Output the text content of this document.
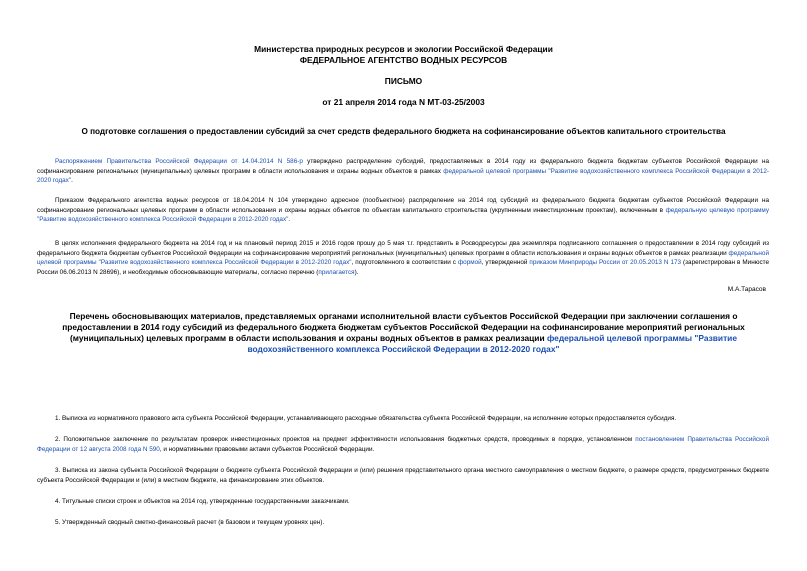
Министерства природных ресурсов и экологии Российской Федерации
ФЕДЕРАЛЬНОЕ АГЕНТСТВО ВОДНЫХ РЕСУРСОВ
ПИСЬМО
от 21 апреля 2014 года N МТ-03-25/2003
О подготовке соглашения о предоставлении субсидий за счет средств федерального бюджета на софинансирование объектов капитального строительства
Распоряжением Правительства Российской Федерации от 14.04.2014 N 586-р утверждено распределение субсидий, предоставляемых в 2014 году из федерального бюджета бюджетам субъектов Российской Федерации на софинансирование региональных (муниципальных) целевых программ в области использования и охраны водных объектов в рамках федеральной целевой программы "Развитие водохозяйственного комплекса Российской Федерации в 2012-2020 годах".
Приказом Федерального агентства водных ресурсов от 18.04.2014 N 104 утверждено адресное (пообъектное) распределение на 2014 год субсидий из федерального бюджета бюджетам субъектов Российской Федерации на софинансирование региональных целевых программ в области использования и охраны водных объектов по объектам капитального строительства (укрупненным инвестиционным проектам), включенным в федеральную целевую программу "Развитие водохозяйственного комплекса Российской Федерации в 2012-2020 годах".
В целях исполнения федерального бюджета на 2014 год и на плановый период 2015 и 2016 годов прошу до 5 мая т.г. представить в Росводресурсы два экземпляра подписанного соглашения о предоставлении в 2014 году субсидий из федерального бюджета бюджетам субъектов Российской Федерации на софинансирование мероприятий региональных (муниципальных) целевых программ в области использования и охраны водных объектов в рамках реализации федеральной целевой программы "Развитие водохозяйственного комплекса Российской Федерации в 2012-2020 годах", подготовленного в соответствии с формой, утвержденной приказом Минприроды России от 20.05.2013 N 173 (зарегистрирован в Минюсте России 06.06.2013 N 28696), и необходимые обосновывающие материалы, согласно перечню (прилагается).
М.А.Тарасов
Перечень обосновывающих материалов, представляемых органами исполнительной власти субъектов Российской Федерации при заключении соглашения о предоставлении в 2014 году субсидий из федерального бюджета бюджетам субъектов Российской Федерации на софинансирование мероприятий региональных (муниципальных) целевых программ в области использования и охраны водных объектов в рамках реализации федеральной целевой программы "Развитие водохозяйственного комплекса Российской Федерации в 2012-2020 годах"
1. Выписка из нормативного правового акта субъекта Российской Федерации, устанавливающего расходные обязательства субъекта Российской Федерации, на исполнение которых предоставляется субсидия.
2. Положительное заключение по результатам проверок инвестиционных проектов на предмет эффективности использования бюджетных средств, проводимых в порядке, установленном постановлением Правительства Российской Федерации от 12 августа 2008 года N 590, и нормативными правовыми актами субъектов Российской Федерации.
3. Выписка из закона субъекта Российской Федерации о бюджете субъекта Российской Федерации и (или) решения представительного органа местного самоуправления о местном бюджете, о размере средств, предусмотренных бюджете субъекта Российской Федерации и (или) в местном бюджете, на финансирование этих объектов.
4. Титульные списки строек и объектов на 2014 год, утвержденные государственными заказчиками.
5. Утвержденный сводный сметно-финансовый расчет (в базовом и текущем уровнях цен).
